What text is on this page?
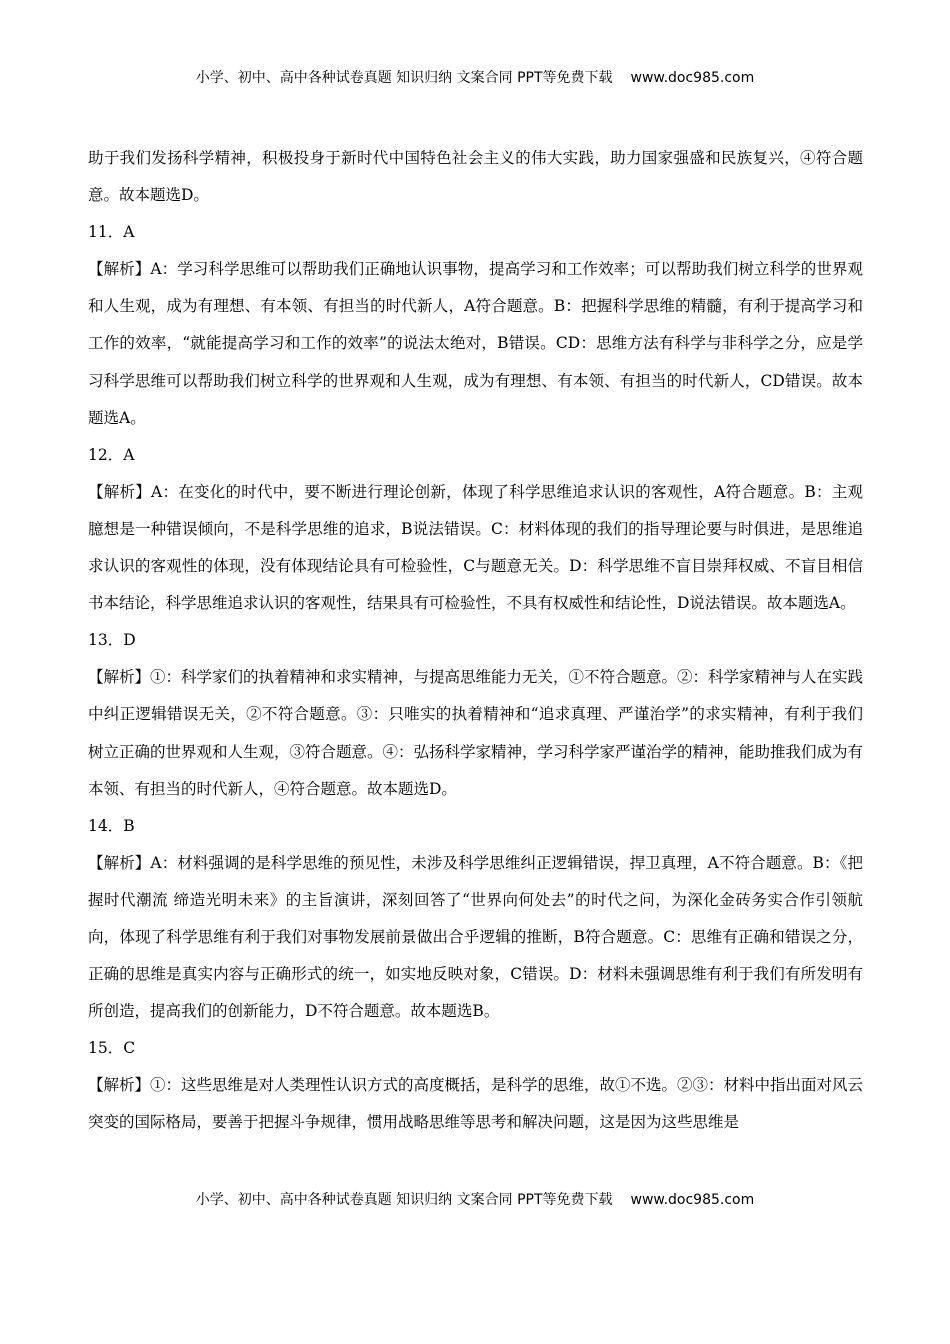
小学、初中、高中各种试卷真题 知识归纳 文案合同 PPT等免费下载 www.doc985.com

助于我们发扬科学精神，积极投身于新时代中国特色社会主义的伟大实践，助力国家强盛和民族复兴，④符合题意。故本题选D。

11．A

【解析】A：学习科学思维可以帮助我们正确地认识事物，提高学习和工作效率；可以帮助我们树立科学的世界观和人生观，成为有理想、有本领、有担当的时代新人，A符合题意。B：把握科学思维的精髓，有利于提高学习和工作的效率，“就能提高学习和工作的效率”的说法太绝对，B错误。CD：思维方法有科学与非科学之分，应是学习科学思维可以帮助我们树立科学的世界观和人生观，成为有理想、有本领、有担当的时代新人，CD错误。故本题选A。

12．A

【解析】A：在变化的时代中，要不断进行理论创新，体现了科学思维追求认识的客观性，A符合题意。B：主观臆想是一种错误倾向，不是科学思维的追求，B说法错误。C：材料体现的我们的指导理论要与时俱进，是思维追求认识的客观性的体现，没有体现结论具有可检验性，C与题意无关。D：科学思维不盲目崇拜权威、不盲目相信书本结论，科学思维追求认识的客观性，结果具有可检验性，不具有权威性和结论性，D说法错误。故本题选A。

13．D

【解析】①：科学家们的执着精神和求实精神，与提高思维能力无关，①不符合题意。②：科学家精神与人在实践中纠正逻辑错误无关，②不符合题意。③：只唯实的执着精神和“追求真理、严谨治学”的求实精神，有利于我们树立正确的世界观和人生观，③符合题意。④：弘扬科学家精神，学习科学家严谨治学的精神，能助推我们成为有本领、有担当的时代新人，④符合题意。故本题选D。

14．B

【解析】A：材料强调的是科学思维的预见性，未涉及科学思维纠正逻辑错误，捍卫真理，A不符合题意。B：《把握时代潮流 缔造光明未来》的主旨演讲，深刻回答了“世界向何处去”的时代之问，为深化金砖务实合作引领航向，体现了科学思维有利于我们对事物发展前景做出合乎逻辑的推断，B符合题意。C：思维有正确和错误之分，正确的思维是真实内容与正确形式的统一，如实地反映对象，C错误。D：材料未强调思维有利于我们有所发明有所创造，提高我们的创新能力，D不符合题意。故本题选B。

15．C

【解析】①：这些思维是对人类理性认识方式的高度概括，是科学的思维，故①不选。②③：材料中指出面对风云突变的国际格局，要善于把握斗争规律，惯用战略思维等思考和解决问题，这是因为这些思维是

小学、初中、高中各种试卷真题 知识归纳 文案合同 PPT等免费下载 www.doc985.com
